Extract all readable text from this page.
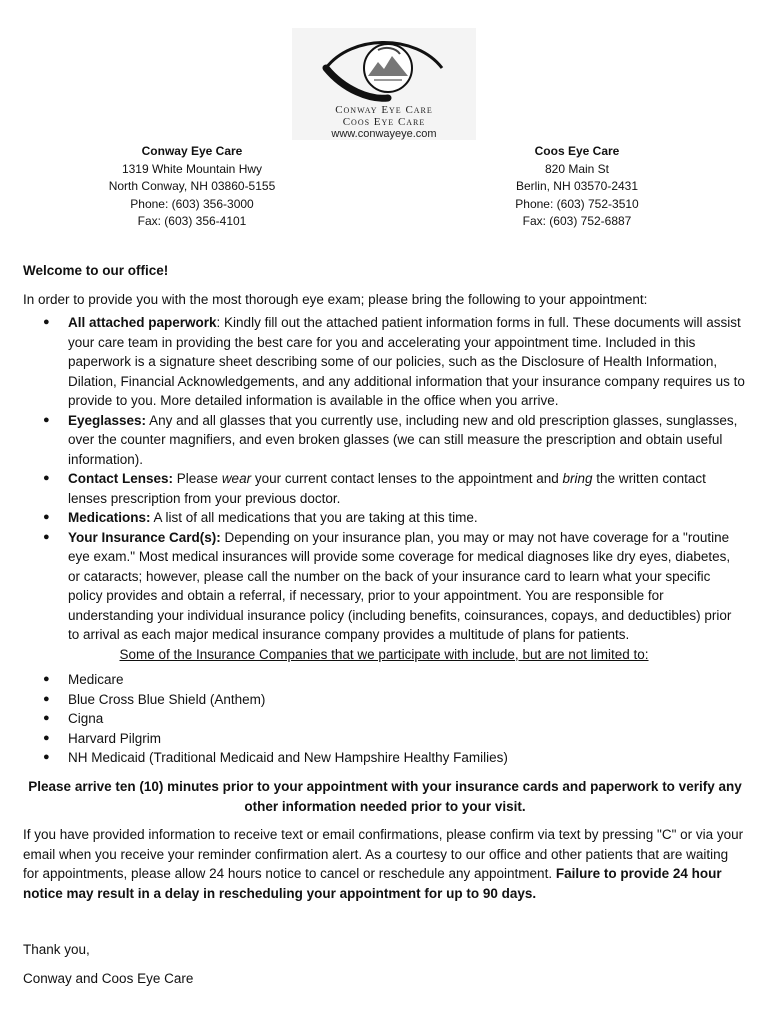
Conway Eye Care
Coos Eye Care
www.conwayeye.com
Conway Eye Care
1319 White Mountain Hwy
North Conway, NH 03860-5155
Phone: (603) 356-3000
Fax: (603) 356-4101
Coos Eye Care
820 Main St
Berlin, NH 03570-2431
Phone: (603) 752-3510
Fax: (603) 752-6887
Welcome to our office!
In order to provide you with the most thorough eye exam; please bring the following to your appointment:
● All attached paperwork: Kindly fill out the attached patient information forms in full. These documents will assist your care team in providing the best care for you and accelerating your appointment time. Included in this paperwork is a signature sheet describing some of our policies, such as the Disclosure of Health Information, Dilation, Financial Acknowledgements, and any additional information that your insurance company requires us to provide to you. More detailed information is available in the office when you arrive.
● Eyeglasses: Any and all glasses that you currently use, including new and old prescription glasses, sunglasses, over the counter magnifiers, and even broken glasses (we can still measure the prescription and obtain useful information).
● Contact Lenses: Please wear your current contact lenses to the appointment and bring the written contact lenses prescription from your previous doctor.
● Medications: A list of all medications that you are taking at this time.
● Your Insurance Card(s): Depending on your insurance plan, you may or may not have coverage for a "routine eye exam." Most medical insurances will provide some coverage for medical diagnoses like dry eyes, diabetes, or cataracts; however, please call the number on the back of your insurance card to learn what your specific policy provides and obtain a referral, if necessary, prior to your appointment. You are responsible for understanding your individual insurance policy (including benefits, coinsurances, copays, and deductibles) prior to arrival as each major medical insurance company provides a multitude of plans for patients.
Some of the Insurance Companies that we participate with include, but are not limited to:
● Medicare
● Blue Cross Blue Shield (Anthem)
● Cigna
● Harvard Pilgrim
● NH Medicaid (Traditional Medicaid and New Hampshire Healthy Families)
Please arrive ten (10) minutes prior to your appointment with your insurance cards and paperwork to verify any other information needed prior to your visit.
If you have provided information to receive text or email confirmations, please confirm via text by pressing "C" or via your email when you receive your reminder confirmation alert. As a courtesy to our office and other patients that are waiting for appointments, please allow 24 hours notice to cancel or reschedule any appointment. Failure to provide 24 hour notice may result in a delay in rescheduling your appointment for up to 90 days.
Thank you,
Conway and Coos Eye Care
